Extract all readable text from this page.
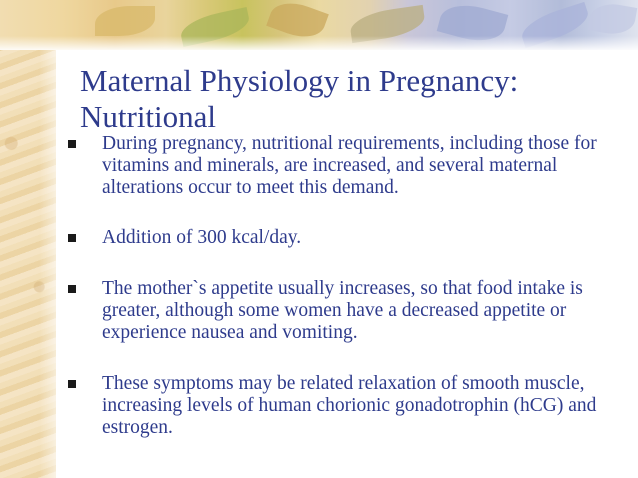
Maternal Physiology in Pregnancy: Nutritional
During pregnancy, nutritional requirements, including those for vitamins and minerals, are increased, and several maternal alterations occur to meet this demand.
Addition of 300 kcal/day.
The mother`s appetite usually increases, so that food intake is greater, although some women have a decreased appetite or experience nausea and vomiting.
These symptoms may be related relaxation of smooth muscle, increasing levels of human chorionic gonadotrophin (hCG) and estrogen.
